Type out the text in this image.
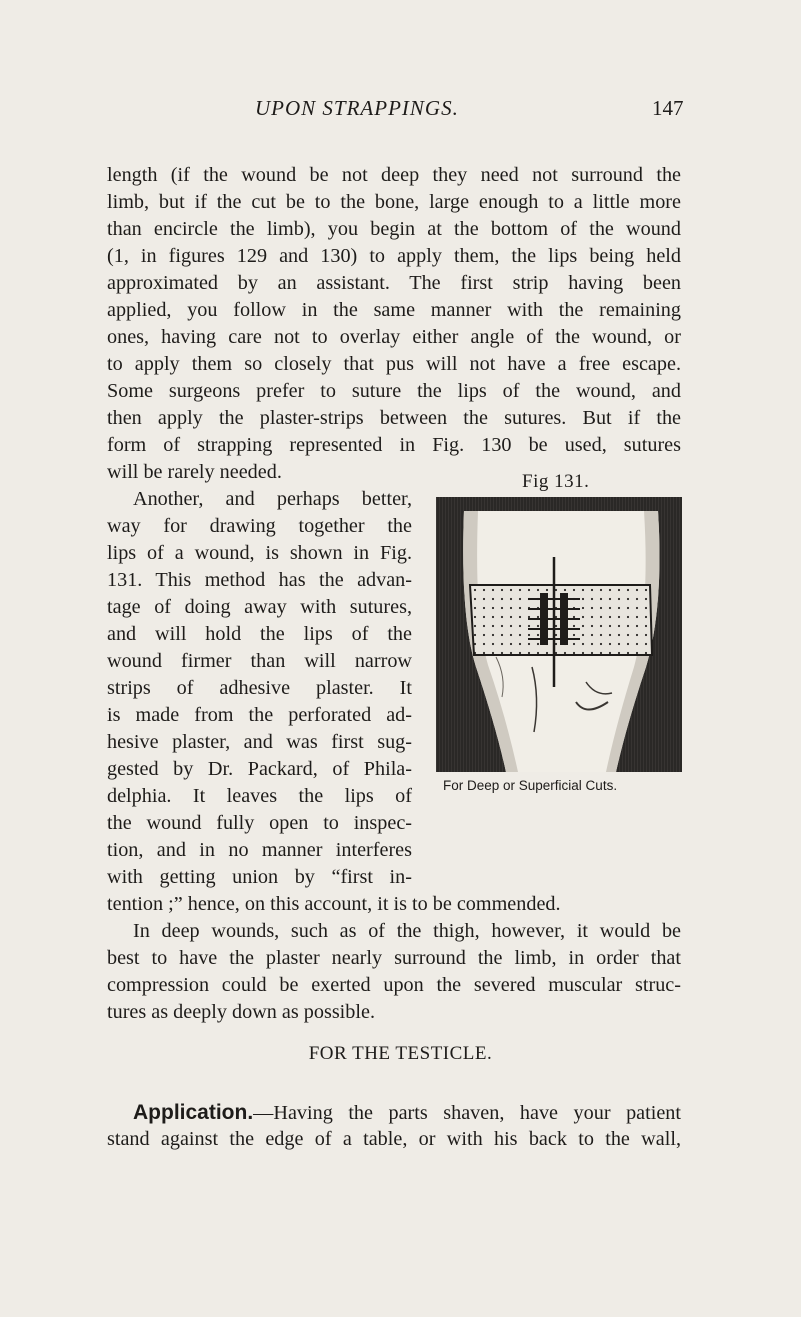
UPON STRAPPINGS.	147
length (if the wound be not deep they need not surround the
limb, but if the cut be to the bone, large enough to a little more
than encircle the limb), you begin at the bottom of the wound
(1, in figures 129 and 130) to apply them, the lips being held
approximated by an assistant. The first strip having been
applied, you follow in the same manner with the remaining
ones, having care not to overlay either angle of the wound, or
to apply them so closely that pus will not have a free escape.
Some surgeons prefer to suture the lips of the wound, and
then apply the plaster-strips between the sutures. But if the
form of strapping represented in Fig. 130 be used, sutures
will be rarely needed.
Another, and perhaps better,
way for drawing together the
lips of a wound, is shown in Fig.
131. This method has the advan-
tage of doing away with sutures,
and will hold the lips of the
wound firmer than will narrow
strips of adhesive plaster. It
is made from the perforated ad-
hesive plaster, and was first sug-
gested by Dr. Packard, of Phila-
delphia. It leaves the lips of
the wound fully open to inspec-
tion, and in no manner interferes
with getting union by “first in-
tention ;” hence, on this account, it is to be commended.
In deep wounds, such as of the thigh, however, it would be
best to have the plaster nearly surround the limb, in order that
compression could be exerted upon the severed muscular struc-
tures as deeply down as possible.
FOR THE TESTICLE.
Application.—Having the parts shaven, have your patient
stand against the edge of a table, or with his back to the wall,
Fig 131.
For Deep or Superficial Cuts.
